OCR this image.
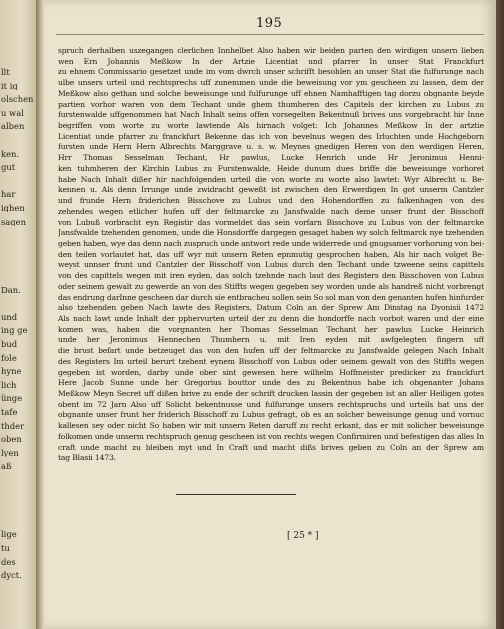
llt
it ig
olschen
u wal
alben
ken.
gut
har
ighen
sagen
Dan.
und
ing ge
bud
fole
hyne
lich
ünge
tafe
thder
oben
lyen
aß
lige
tu
des
dyct.
195
spruch derhalben uszegangen clerlichen Innhelbet Also haben wir beiden parten den wirdigen unsern lieben
wen Ern Johannis Meßkow In der Artzie Licentiat und pfarrer In unser Stat Franckfurt
zu ehnem Commissario gesetzet unde im vom dwrch unser schrifft besohlen an unser Stat die fulfurunge nach
ulbe unsers urteil und rechtsprechs uff zunemmen unde die beweisung vor ym gescheen zu lassen, dem der
Meßkow also gethan und solche beweisunge und fulfurunge uff ehnen Namhafftigen tag dorzu obgnante beyde
partien vorhor waren von dem Techant unde ghem thumheren des Capitels der kirchen zu Lubus zu
furstenwalde uffgenommen hat Nach Inhalt seins offen vorsegelten Bekentnuß brives uns vorgebracht hir Inne
begriffen vom worte zu worte lawtende Als hirnach volget: Ich Johannes Meßkow In der artztie
Licentiat unde pfarrer zu franckfurt Bekenne das ich von bevelnus wegen des Irluchten unde Hochgeborn
fursten unde Hern Hern Albrechts Marggrave u. s. w. Meynes gnedigen Heren von den werdigen Heren,
Hrr Thomas Sesselman Techant, Hr pawlus, Lucke Henrich unde Hr Jeronimus Henni-
ken tuhmheren der Kirchin Lubus zu Furstenwalde, Heide dunum dues briffe die beweisunge vorhoret
habe Nach Inhalt dißer hir nachfolgenden urteil die von worte zu worte also lawtet: Wyr Albrecht u. Be-
kennen u. Als denn Irrunge unde zwidracht geweßt ist zwischen den Erwerdigen In got unserm Cantzler
und frunde Hern friderichen Bisschove zu Lubus und den Hohendorffen zu falkenhagen von des
zehendes wegen etlicher hufen uff der feltmarcke zu Jansfwalde nach deme unser frunt der Bisschoff
von Lubuß vorbracht eyn Registir das vormeldet das sein vorfarn Bisschove zu Lubus von der feltmarcke
Jansfwalde tzehenden genomen, unde die Honsdorffe dargegen gesaget haben wy solch feltmarck nye tzehenden
geben haben, wye das denn nach zuspruch unde antwort rede unde widerrede und gnugsamer vorhorung von bei-
den teilen vorlautet hat, das uff wyr mit unsern Reten epnmutig gesprochen haben, Als hir nach volget Be-
weyst unnser frunt und Cantzler der Bisschoff von Lubus durch den Techant unde tzweene seins capittels
von des capittels wegen mit iren eyden, das solch tzehnde nach laut des Registers den Bisschoven von Lubus
oder seinem gewalt zu gewerde an von des Stiffts wegen gegeben sey worden unde als handreß nicht vorbrengt
das endrung darInne gescheen dar durch sie entbracheu sollen sein So sol man von den genanten hufen hinfurder
also tzehenden geben Nach lawte des Registers, Datum Coln an der Sprew Am Dinstag na Dyonisii 1472
Als nach lawt unde Inhalt der pphervurten urteil der zu denn die hondorffe nach vorbot waren und der eine
komen was, haben die vorgnanten her Thomas Sesselman Techant her pawlus Lucke Heinrich
unde her Jeronimus Hennechen Thumhern u. mit Iren eyden mit awfgelegten fingern uff
die brust befart unde betzeuget das von den hufen uff der feltmarcke zu Jansfwalde gelegen Nach Inhalt
des Registers Im urteil berurt tzehent eynem Bisschoff von Lubus oder seinem gewalt von des Stiffts wegen
gegeben ist worden, darby unde ober sint gewesen here wilhelm Hoffmeister predicker zu franckfurt
Here Jacob Sunne unde her Gregorius bouttor unde des zu Bekentnus habe ich obgenanter Johans
Meßkow Meyn Secret uff dißen brive zu ende der schrift drucken lassin der gegeben ist an aller Heiligen gotes
obent im 72 Jarn Also uff Solicht bekentnusse und fulfurunge unsers rechtspruchs und urteils hat uns der
obgnante unser frunt her friderich Bisschoff zu Lubus gefragt, ob es an solcher beweisunge genug und vornuc
kallesen sey oder nicht So haben wir mit unsern Reten daruff zu recht erkant, das er mit solicher beweisunge
folkomen unde unserm rechtspruch genug gescheen ist von rechts wegen Confirmiren und befestigen das alles In
craft unde macht zu bleiben myt und In Craft und macht dißs brives geben zu Coln an der Sprew am
tag Blasii 1473.
[ 25 * ]
